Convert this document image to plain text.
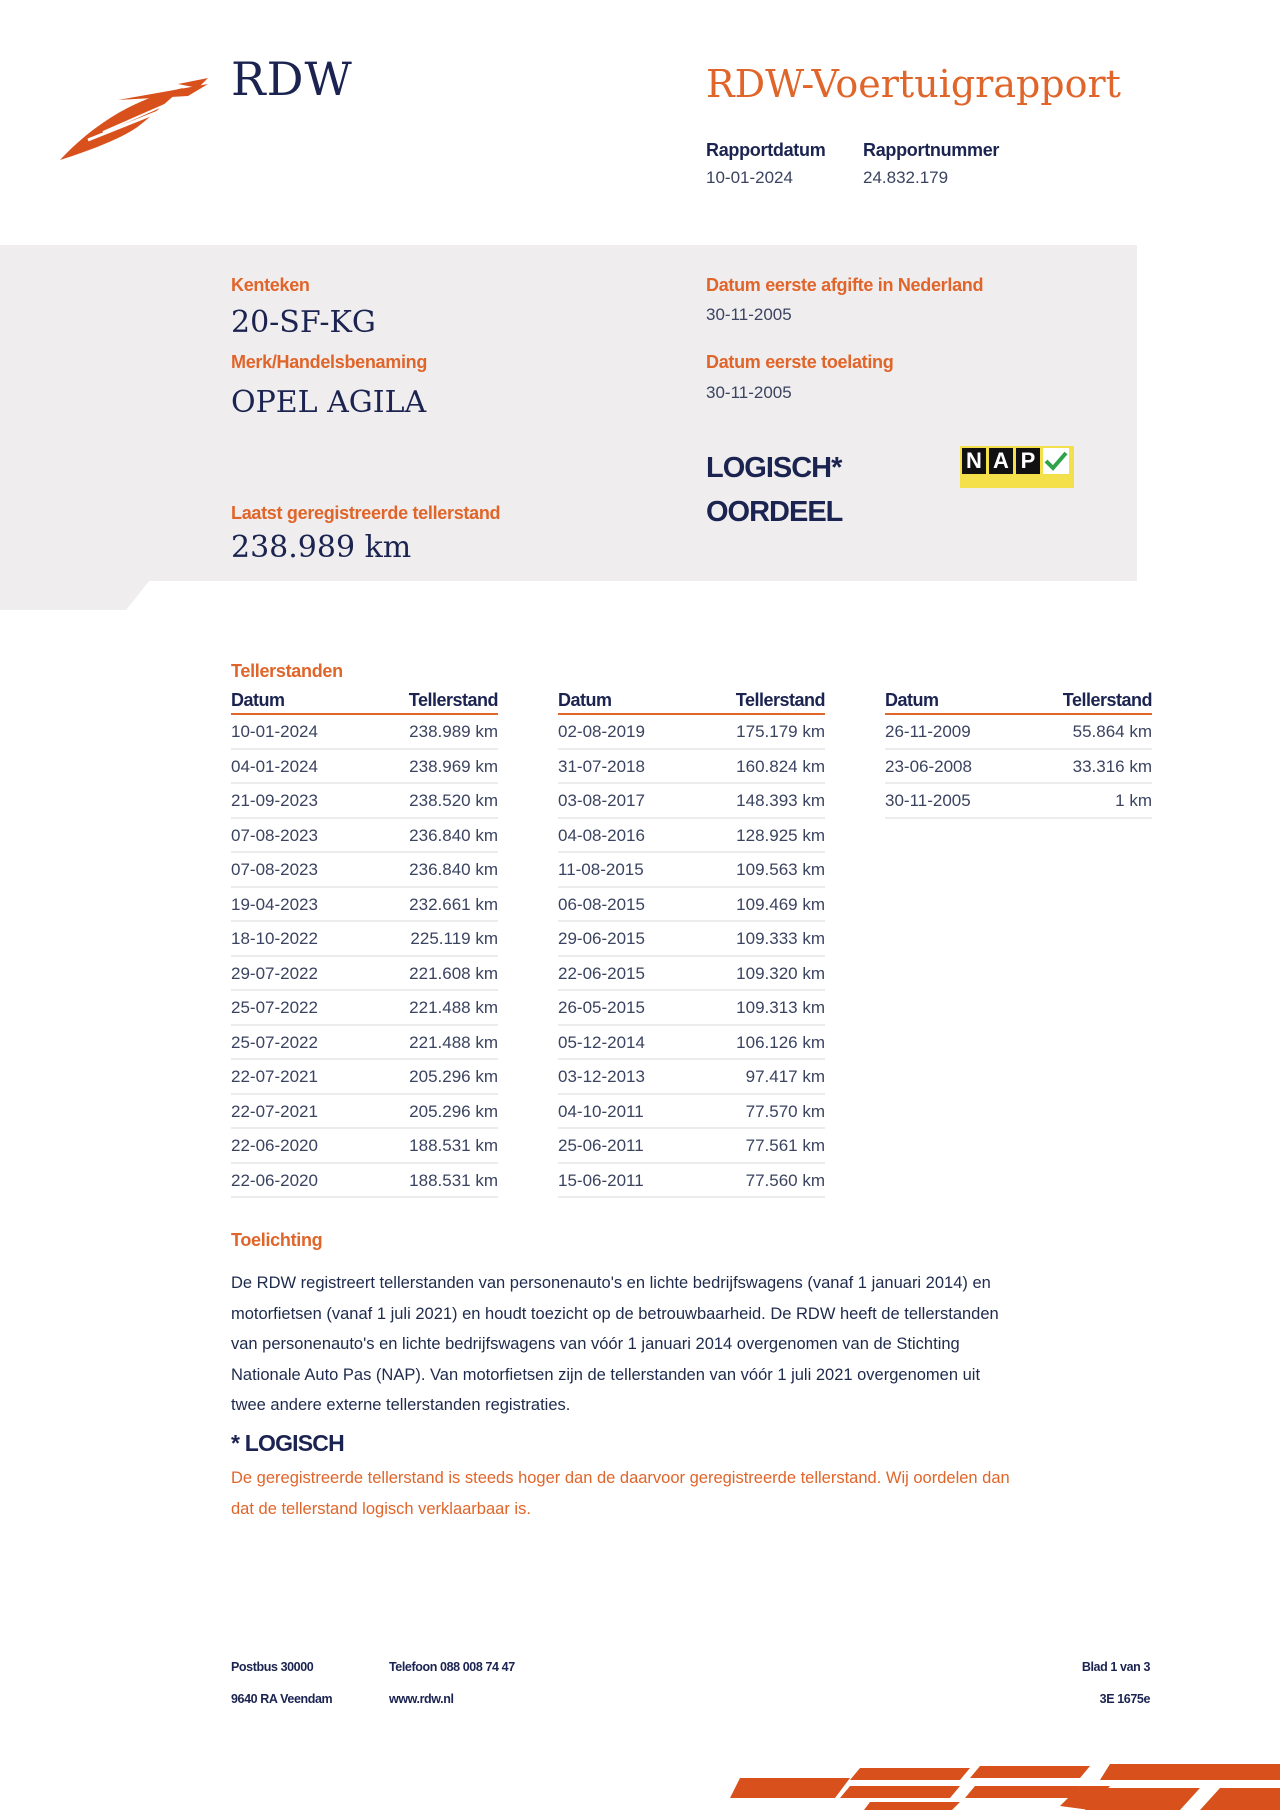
RDW	RDW-Voertuigrapport
Rapportdatum
10-01-2024
Rapportnummer
24.832.179
Kenteken
20-SF-KG
Merk/Handelsbenaming
OPEL AGILA
Laatst geregistreerde tellerstand
238.989 km
Datum eerste afgifte in Nederland
30-11-2005
Datum eerste toelating
30-11-2005
LOGISCH*
OORDEEL
N A P
Tellerstanden
Datum	Tellerstand
10-01-2024	238.989 km
04-01-2024	238.969 km
21-09-2023	238.520 km
07-08-2023	236.840 km
07-08-2023	236.840 km
19-04-2023	232.661 km
18-10-2022	225.119 km
29-07-2022	221.608 km
25-07-2022	221.488 km
25-07-2022	221.488 km
22-07-2021	205.296 km
22-07-2021	205.296 km
22-06-2020	188.531 km
22-06-2020	188.531 km
Datum	Tellerstand
02-08-2019	175.179 km
31-07-2018	160.824 km
03-08-2017	148.393 km
04-08-2016	128.925 km
11-08-2015	109.563 km
06-08-2015	109.469 km
29-06-2015	109.333 km
22-06-2015	109.320 km
26-05-2015	109.313 km
05-12-2014	106.126 km
03-12-2013	97.417 km
04-10-2011	77.570 km
25-06-2011	77.561 km
15-06-2011	77.560 km
Datum	Tellerstand
26-11-2009	55.864 km
23-06-2008	33.316 km
30-11-2005	1 km
Toelichting
De RDW registreert tellerstanden van personenauto's en lichte bedrijfswagens (vanaf 1 januari 2014) en
motorfietsen (vanaf 1 juli 2021) en houdt toezicht op de betrouwbaarheid. De RDW heeft de tellerstanden
van personenauto's en lichte bedrijfswagens van vóór 1 januari 2014 overgenomen van de Stichting
Nationale Auto Pas (NAP). Van motorfietsen zijn de tellerstanden van vóór 1 juli 2021 overgenomen uit
twee andere externe tellerstanden registraties.
* LOGISCH
De geregistreerde tellerstand is steeds hoger dan de daarvoor geregistreerde tellerstand. Wij oordelen dan
dat de tellerstand logisch verklaarbaar is.
Postbus 30000
9640 RA Veendam
Telefoon 088 008 74 47
www.rdw.nl
Blad 1 van 3
3E 1675e
